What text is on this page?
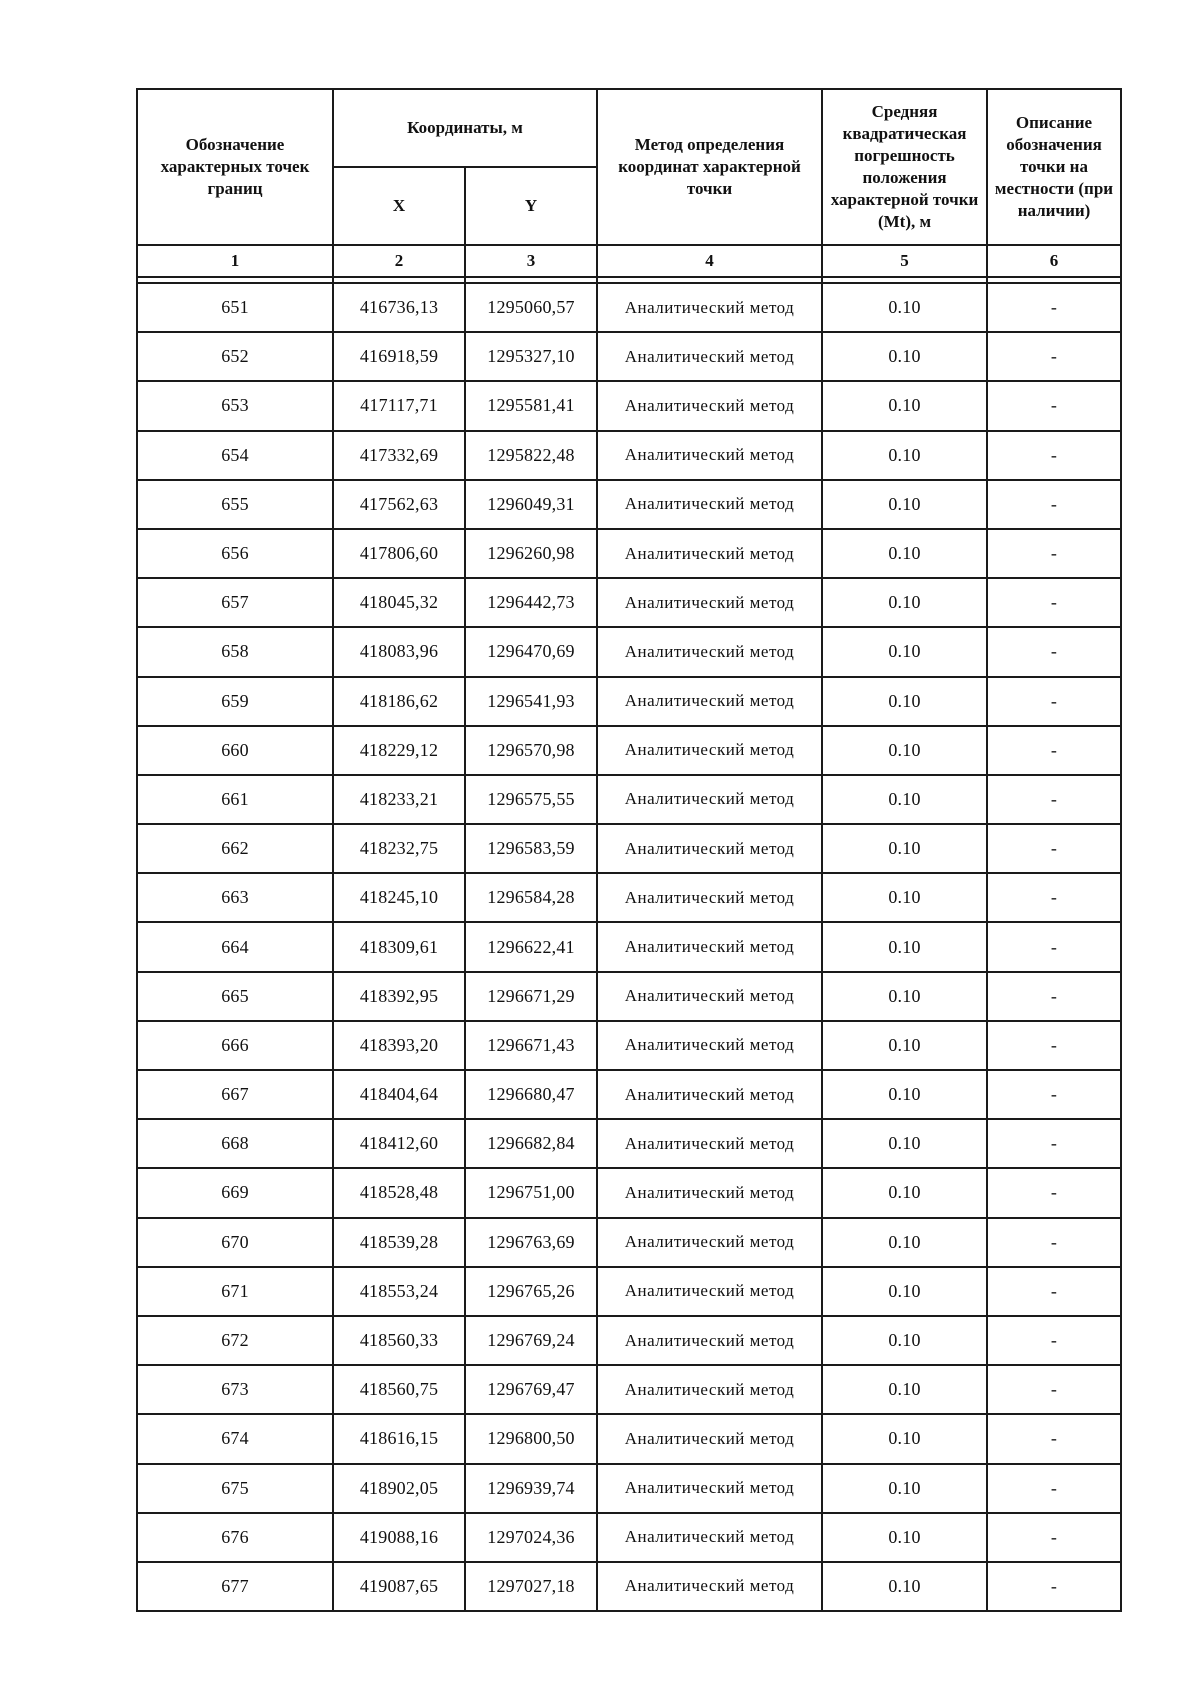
Обозначение характерных точек границ	Координаты, м		Метод определения координат характерной точки	Средняя квадратическая погрешность положения характерной точки (Mt), м	Описание обозначения точки на местности (при наличии)
	X	Y			
1	2	3	4	5	6

651	416736,13	1295060,57	Аналитический метод	0.10	-
652	416918,59	1295327,10	Аналитический метод	0.10	-
653	417117,71	1295581,41	Аналитический метод	0.10	-
654	417332,69	1295822,48	Аналитический метод	0.10	-
655	417562,63	1296049,31	Аналитический метод	0.10	-
656	417806,60	1296260,98	Аналитический метод	0.10	-
657	418045,32	1296442,73	Аналитический метод	0.10	-
658	418083,96	1296470,69	Аналитический метод	0.10	-
659	418186,62	1296541,93	Аналитический метод	0.10	-
660	418229,12	1296570,98	Аналитический метод	0.10	-
661	418233,21	1296575,55	Аналитический метод	0.10	-
662	418232,75	1296583,59	Аналитический метод	0.10	-
663	418245,10	1296584,28	Аналитический метод	0.10	-
664	418309,61	1296622,41	Аналитический метод	0.10	-
665	418392,95	1296671,29	Аналитический метод	0.10	-
666	418393,20	1296671,43	Аналитический метод	0.10	-
667	418404,64	1296680,47	Аналитический метод	0.10	-
668	418412,60	1296682,84	Аналитический метод	0.10	-
669	418528,48	1296751,00	Аналитический метод	0.10	-
670	418539,28	1296763,69	Аналитический метод	0.10	-
671	418553,24	1296765,26	Аналитический метод	0.10	-
672	418560,33	1296769,24	Аналитический метод	0.10	-
673	418560,75	1296769,47	Аналитический метод	0.10	-
674	418616,15	1296800,50	Аналитический метод	0.10	-
675	418902,05	1296939,74	Аналитический метод	0.10	-
676	419088,16	1297024,36	Аналитический метод	0.10	-
677	419087,65	1297027,18	Аналитический метод	0.10	-
